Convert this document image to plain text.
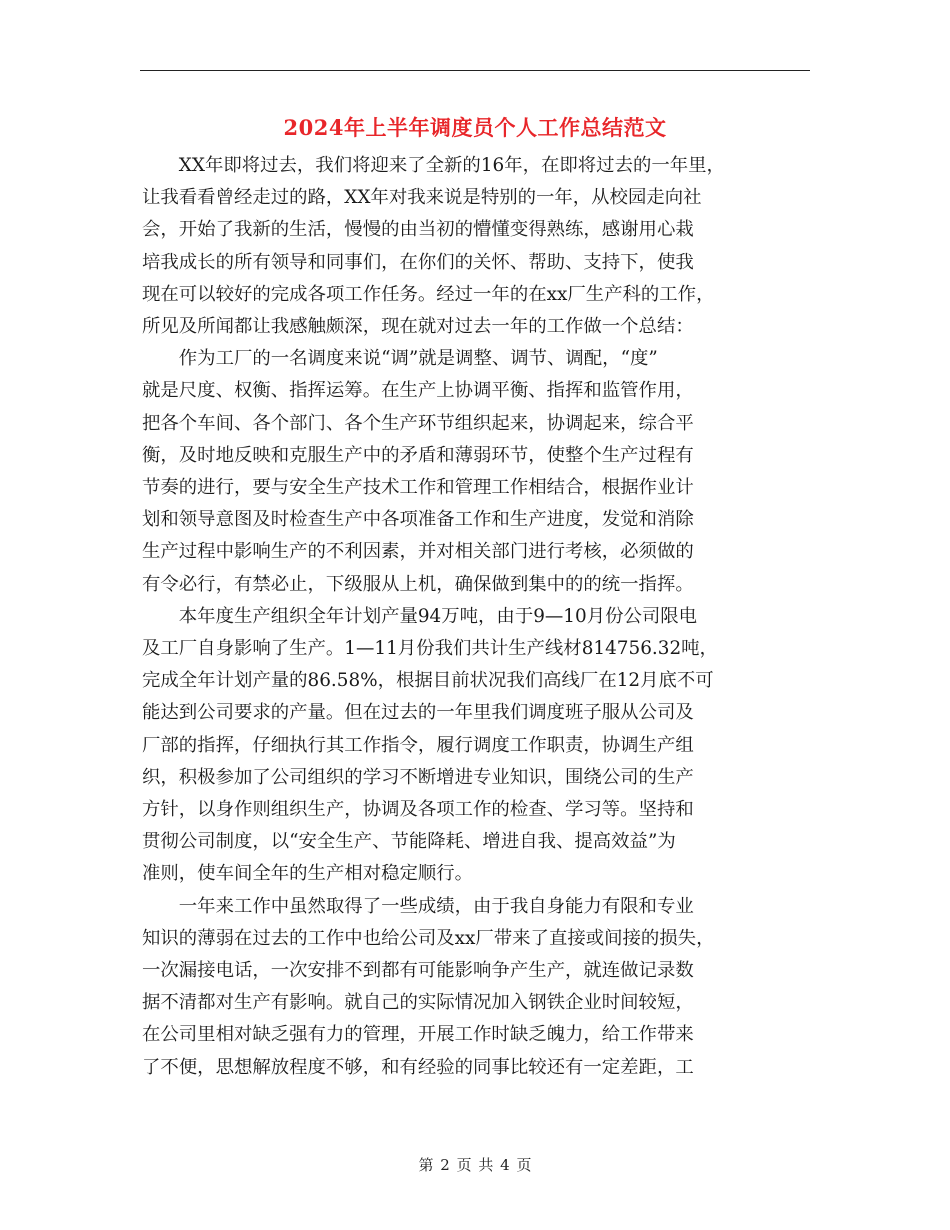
2024年上半年调度员个人工作总结范文

　　XX年即将过去，我们将迎来了全新的16年，在即将过去的一年里，
让我看看曾经走过的路，XX年对我来说是特别的一年，从校园走向社
会，开始了我新的生活，慢慢的由当初的懵懂变得熟练，感谢用心栽
培我成长的所有领导和同事们，在你们的关怀、帮助、支持下，使我
现在可以较好的完成各项工作任务。经过一年的在xx厂生产科的工作，
所见及所闻都让我感触颇深，现在就对过去一年的工作做一个总结：

　　作为工厂的一名调度来说“调”就是调整、调节、调配，“度”
就是尺度、权衡、指挥运筹。在生产上协调平衡、指挥和监管作用，
把各个车间、各个部门、各个生产环节组织起来，协调起来，综合平
衡，及时地反映和克服生产中的矛盾和薄弱环节，使整个生产过程有
节奏的进行，要与安全生产技术工作和管理工作相结合，根据作业计
划和领导意图及时检查生产中各项准备工作和生产进度，发觉和消除
生产过程中影响生产的不利因素，并对相关部门进行考核，必须做的
有令必行，有禁必止，下级服从上机，确保做到集中的的统一指挥。

　　本年度生产组织全年计划产量94万吨，由于9—10月份公司限电
及工厂自身影响了生产。1—11月份我们共计生产线材814756.32吨，
完成全年计划产量的86.58%，根据目前状况我们高线厂在12月底不可
能达到公司要求的产量。但在过去的一年里我们调度班子服从公司及
厂部的指挥，仔细执行其工作指令，履行调度工作职责，协调生产组
织，积极参加了公司组织的学习不断增进专业知识，围绕公司的生产
方针，以身作则组织生产，协调及各项工作的检查、学习等。坚持和
贯彻公司制度，以“安全生产、节能降耗、增进自我、提高效益”为
准则，使车间全年的生产相对稳定顺行。

　　一年来工作中虽然取得了一些成绩，由于我自身能力有限和专业
知识的薄弱在过去的工作中也给公司及xx厂带来了直接或间接的损失，
一次漏接电话，一次安排不到都有可能影响争产生产，就连做记录数
据不清都对生产有影响。就自己的实际情况加入钢铁企业时间较短，
在公司里相对缺乏强有力的管理，开展工作时缺乏魄力，给工作带来
了不便，思想解放程度不够，和有经验的同事比较还有一定差距，工

第 2 页 共 4 页
